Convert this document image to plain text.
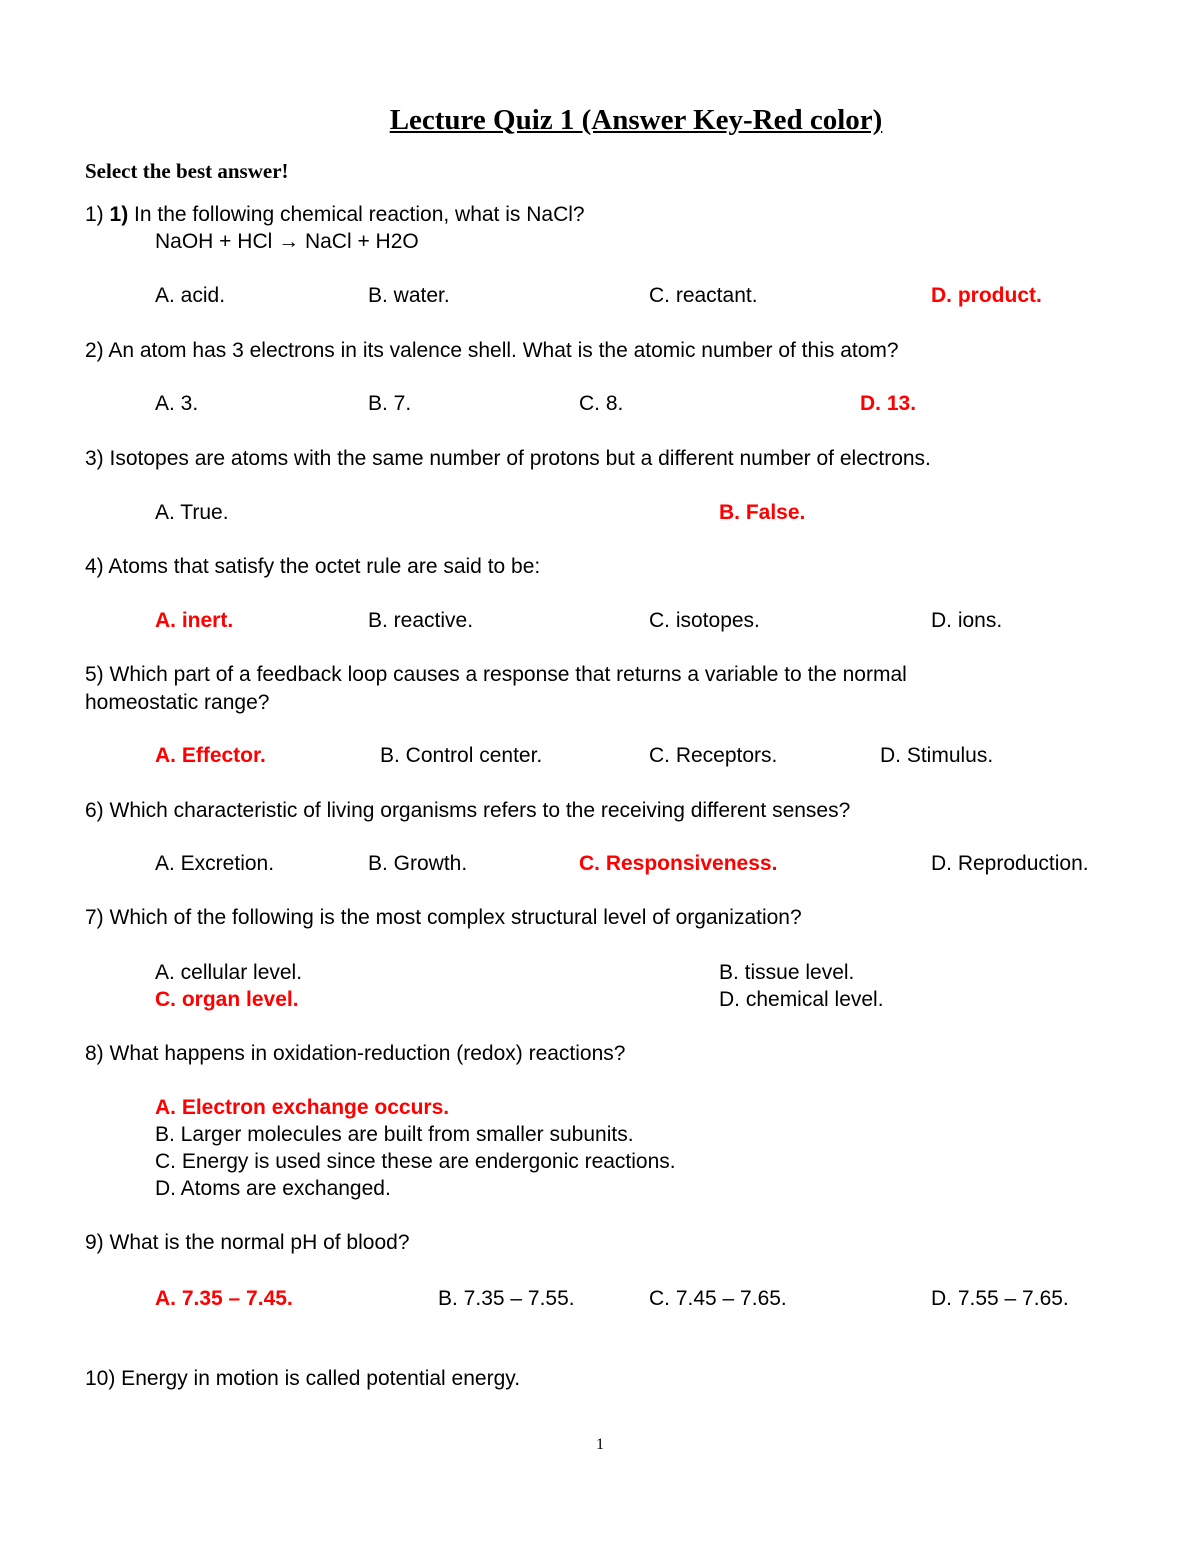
Lecture Quiz 1 (Answer Key-Red color)
Select the best answer!
1) 1) In the following chemical reaction, what is NaCl?
NaOH + HCl → NaCl + H2O
A. acid.	B. water.	C. reactant.	D. product.
2) An atom has 3 electrons in its valence shell. What is the atomic number of this atom?
A. 3.	B. 7.	C. 8.	D. 13.
3) Isotopes are atoms with the same number of protons but a different number of electrons.
A. True.	B. False.
4) Atoms that satisfy the octet rule are said to be:
A. inert.	B. reactive.	C. isotopes.	D. ions.
5) Which part of a feedback loop causes a response that returns a variable to the normal
homeostatic range?
A. Effector.	B. Control center.	C. Receptors.	D. Stimulus.
6) Which characteristic of living organisms refers to the receiving different senses?
A. Excretion.	B. Growth.	C. Responsiveness.	D. Reproduction.
7) Which of the following is the most complex structural level of organization?
A. cellular level.	B. tissue level.
C. organ level.	D. chemical level.
8) What happens in oxidation-reduction (redox) reactions?
A. Electron exchange occurs.
B. Larger molecules are built from smaller subunits.
C. Energy is used since these are endergonic reactions.
D. Atoms are exchanged.
9) What is the normal pH of blood?
A. 7.35 – 7.45.	B. 7.35 – 7.55.	C. 7.45 – 7.65.	D. 7.55 – 7.65.
10) Energy in motion is called potential energy.
1
